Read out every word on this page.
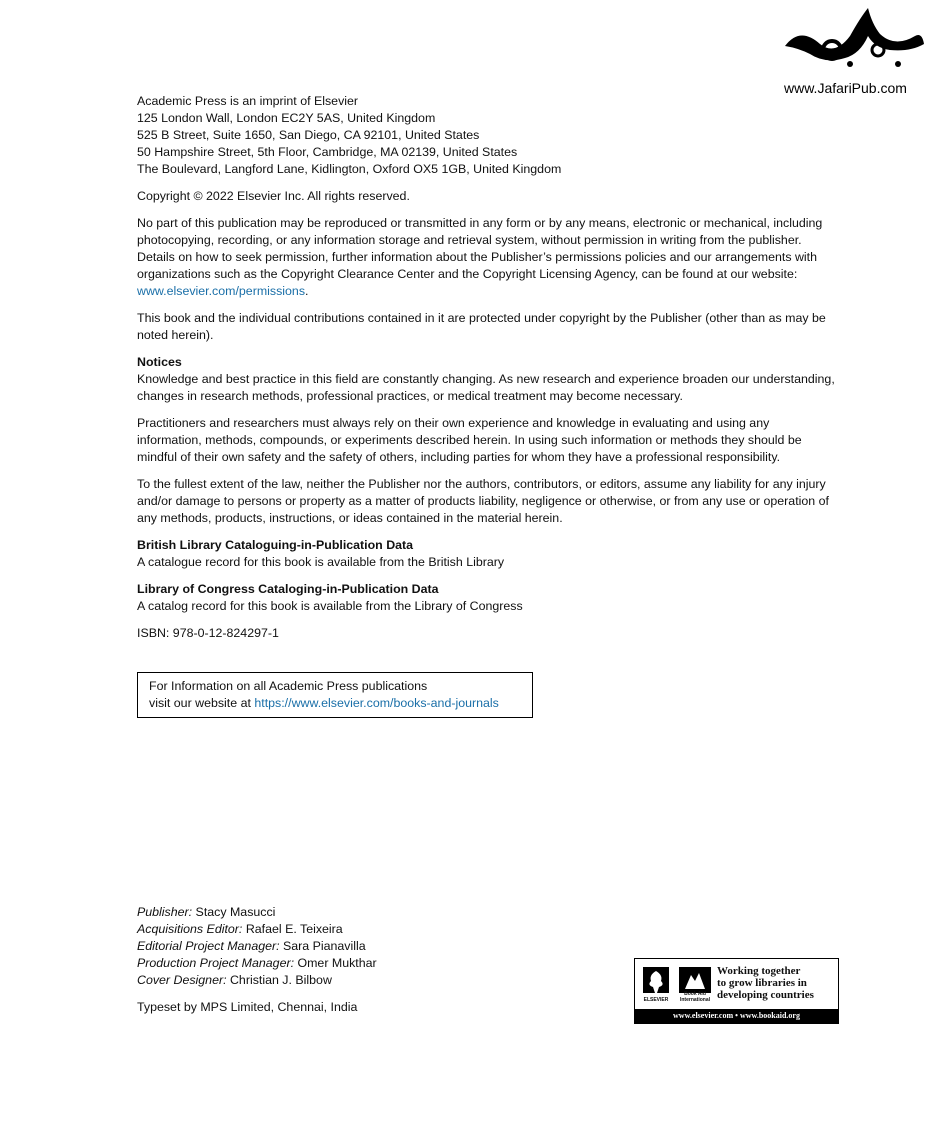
www.JafariPub.com
Academic Press is an imprint of Elsevier
125 London Wall, London EC2Y 5AS, United Kingdom
525 B Street, Suite 1650, San Diego, CA 92101, United States
50 Hampshire Street, 5th Floor, Cambridge, MA 02139, United States
The Boulevard, Langford Lane, Kidlington, Oxford OX5 1GB, United Kingdom

Copyright © 2022 Elsevier Inc. All rights reserved.

No part of this publication may be reproduced or transmitted in any form or by any means, electronic or mechanical, including photocopying, recording, or any information storage and retrieval system, without permission in writing from the publisher. Details on how to seek permission, further information about the Publisher’s permissions policies and our arrangements with organizations such as the Copyright Clearance Center and the Copyright Licensing Agency, can be found at our website: www.elsevier.com/permissions.

This book and the individual contributions contained in it are protected under copyright by the Publisher (other than as may be noted herein).

Notices

Knowledge and best practice in this field are constantly changing. As new research and experience broaden our understanding, changes in research methods, professional practices, or medical treatment may become necessary.

Practitioners and researchers must always rely on their own experience and knowledge in evaluating and using any information, methods, compounds, or experiments described herein. In using such information or methods they should be mindful of their own safety and the safety of others, including parties for whom they have a professional responsibility.

To the fullest extent of the law, neither the Publisher nor the authors, contributors, or editors, assume any liability for any injury and/or damage to persons or property as a matter of products liability, negligence or otherwise, or from any use or operation of any methods, products, instructions, or ideas contained in the material herein.

British Library Cataloguing-in-Publication Data

A catalogue record for this book is available from the British Library

Library of Congress Cataloging-in-Publication Data

A catalog record for this book is available from the Library of Congress

ISBN: 978-0-12-824297-1

For Information on all Academic Press publications
visit our website at https://www.elsevier.com/books-and-journals
Publisher: Stacy Masucci
Acquisitions Editor: Rafael E. Teixeira
Editorial Project Manager: Sara Pianavilla
Production Project Manager: Omer Mukthar
Cover Designer: Christian J. Bilbow
Typeset by MPS Limited, Chennai, India	ELSEVIER
Book Aid International
Working together
to grow libraries in
developing countries
www.elsevier.com • www.bookaid.org
